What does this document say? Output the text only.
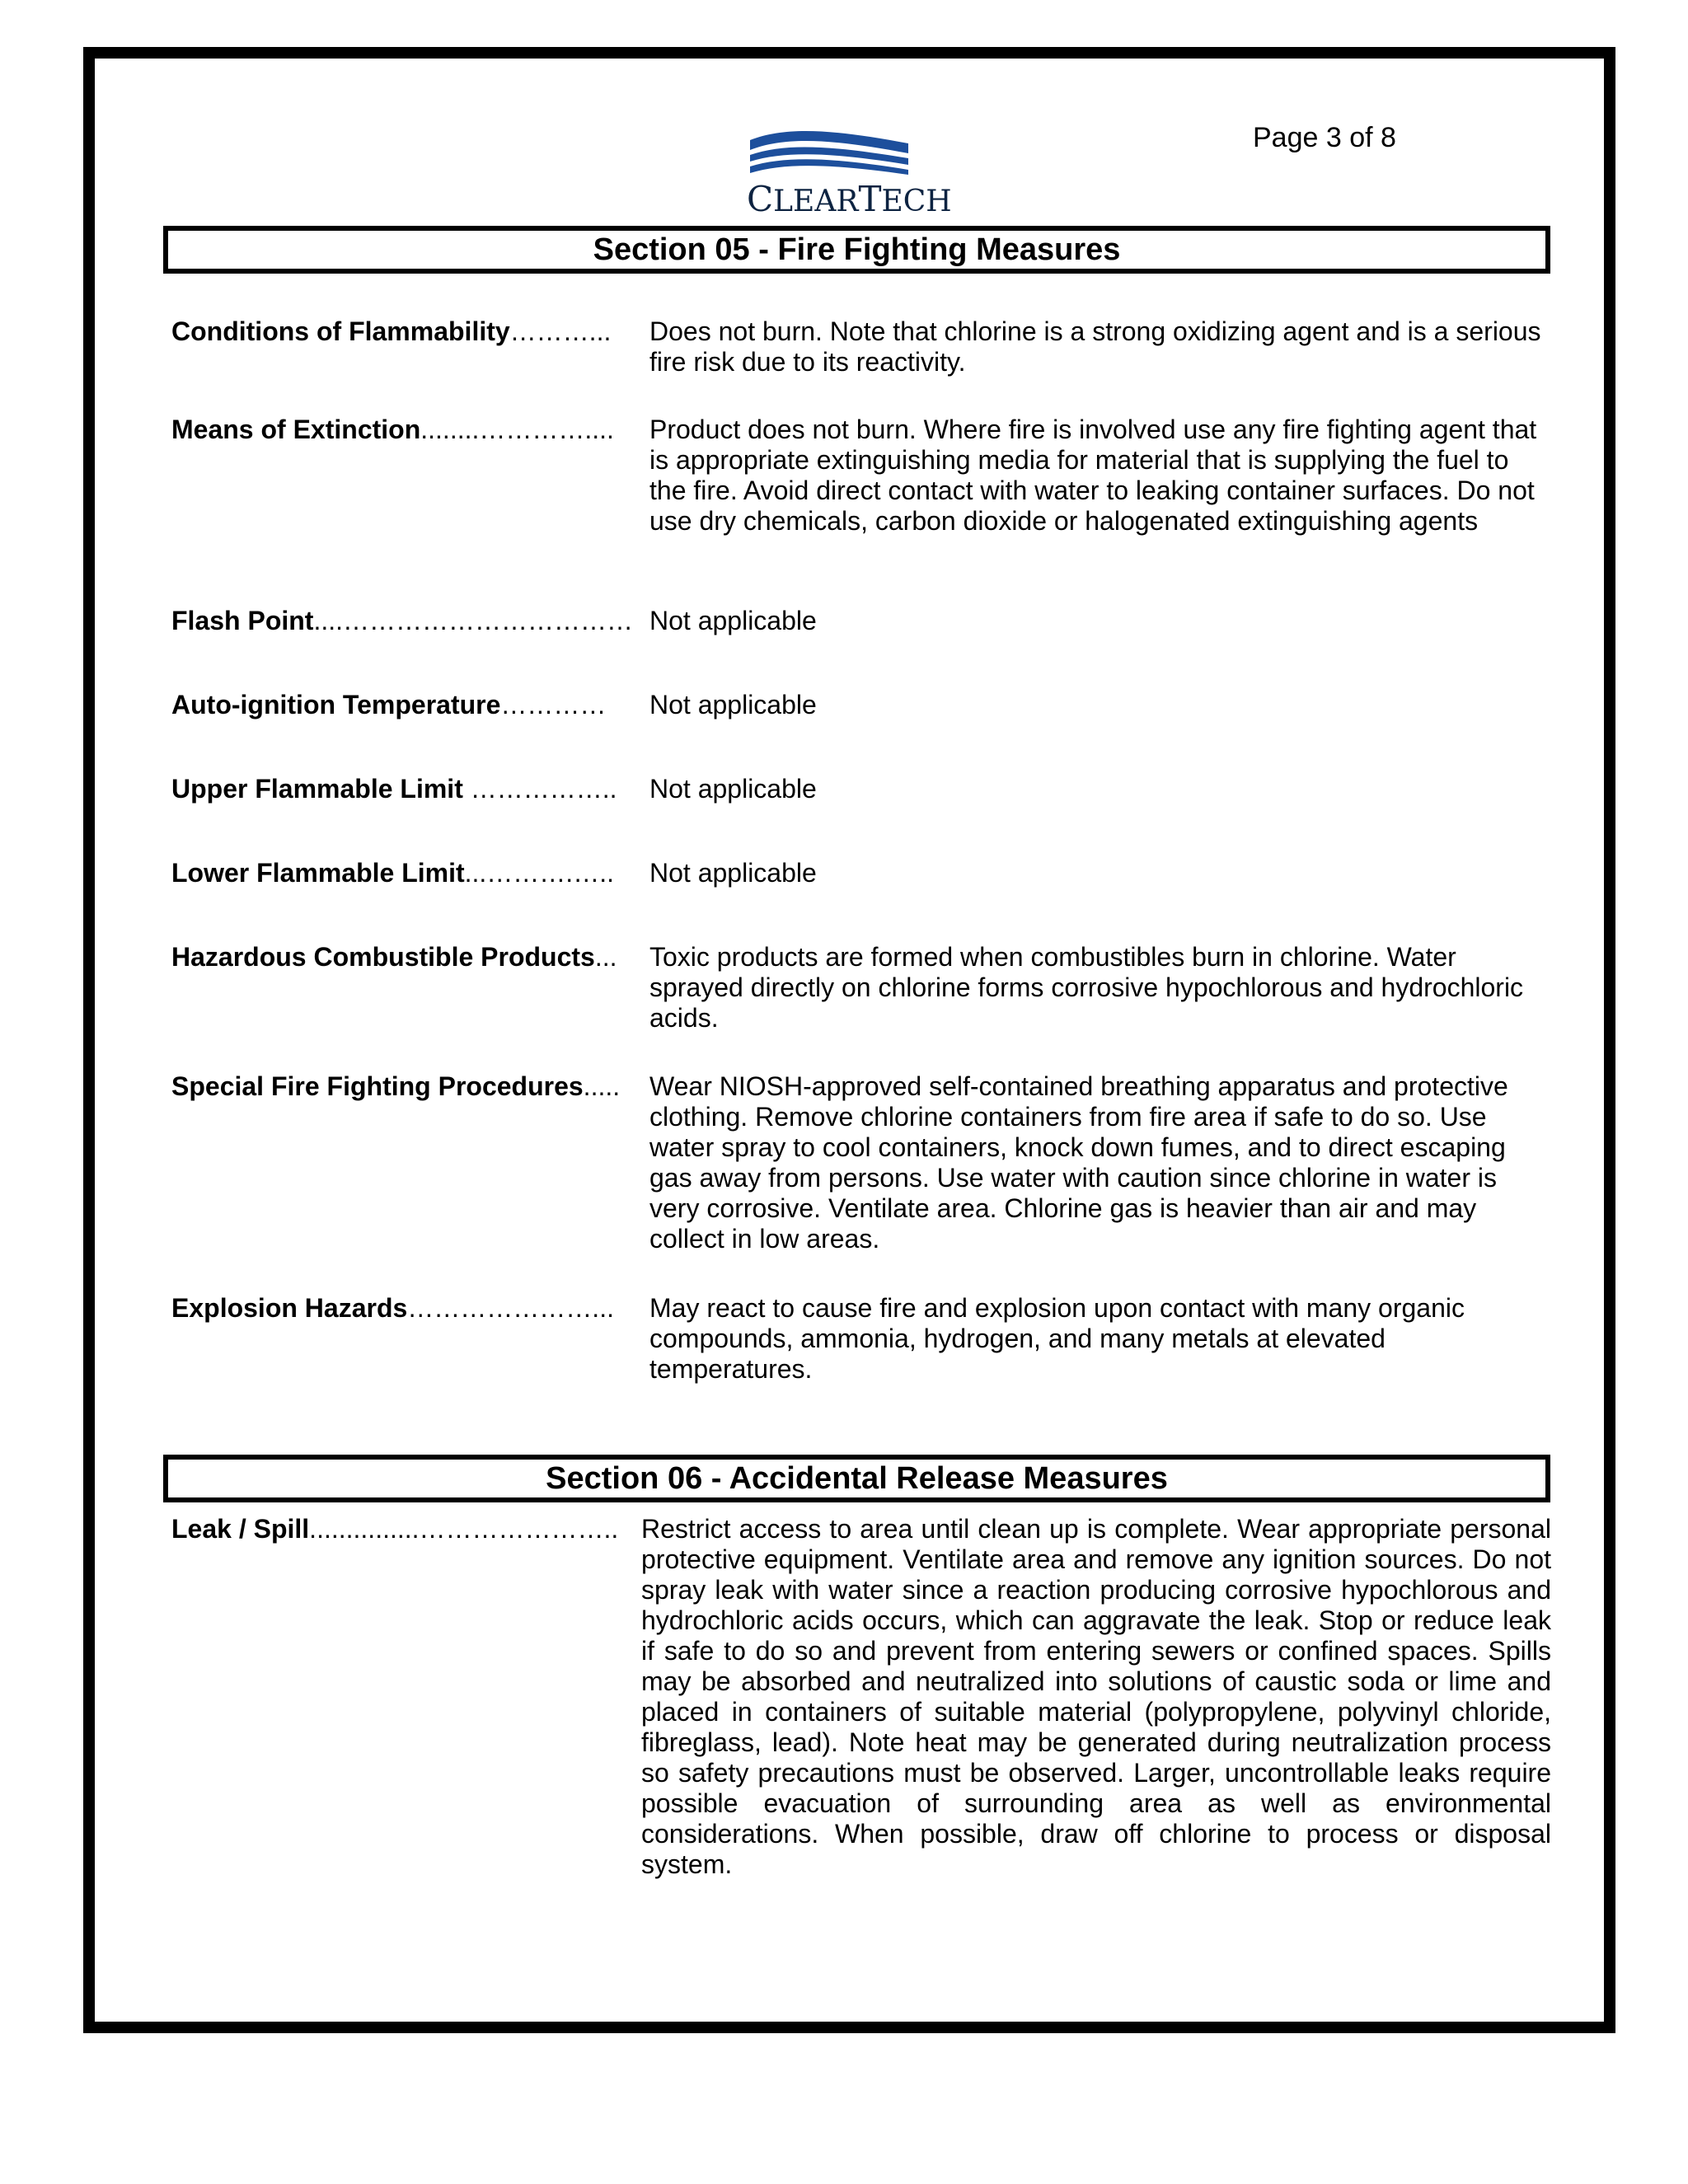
Page 3 of 8
CLEARTECH
Section 05 - Fire Fighting Measures
Conditions of Flammability………...	Does not burn. Note that chlorine is a strong oxidizing agent and is a serious fire risk due to its reactivity.
Means of Extinction........…………....	Product does not burn. Where fire is involved use any fire fighting agent that is appropriate extinguishing media for material that is supplying the fuel to the fire. Avoid direct contact with water to leaking container surfaces. Do not use dry chemicals, carbon dioxide or halogenated extinguishing agents
Flash Point....…………………………… Not applicable
Auto-ignition Temperature…………	Not applicable
Upper Flammable Limit ……………..	Not applicable
Lower Flammable Limit...……….…..	Not applicable
Hazardous Combustible Products...	Toxic products are formed when combustibles burn in chlorine. Water sprayed directly on chlorine forms corrosive hypochlorous and hydrochloric acids.
Special Fire Fighting Procedures.....	Wear NIOSH-approved self-contained breathing apparatus and protective clothing. Remove chlorine containers from fire area if safe to do so. Use water spray to cool containers, knock down fumes, and to direct escaping gas away from persons. Use water with caution since chlorine in water is very corrosive. Ventilate area. Chlorine gas is heavier than air and may collect in low areas.
Explosion Hazards…………………...	May react to cause fire and explosion upon contact with many organic compounds, ammonia, hydrogen, and many metals at elevated temperatures.
Section 06 - Accidental Release Measures
Leak / Spill...............………………….. Restrict access to area until clean up is complete. Wear appropriate personal protective equipment. Ventilate area and remove any ignition sources. Do not spray leak with water since a reaction producing corrosive hypochlorous and hydrochloric acids occurs, which can aggravate the leak. Stop or reduce leak if safe to do so and prevent from entering sewers or confined spaces. Spills may be absorbed and neutralized into solutions of caustic soda or lime and placed in containers of suitable material (polypropylene, polyvinyl chloride, fibreglass, lead). Note heat may be generated during neutralization process so safety precautions must be observed. Larger, uncontrollable leaks require possible evacuation of surrounding area as well as environmental considerations. When possible, draw off chlorine to process or disposal system.
